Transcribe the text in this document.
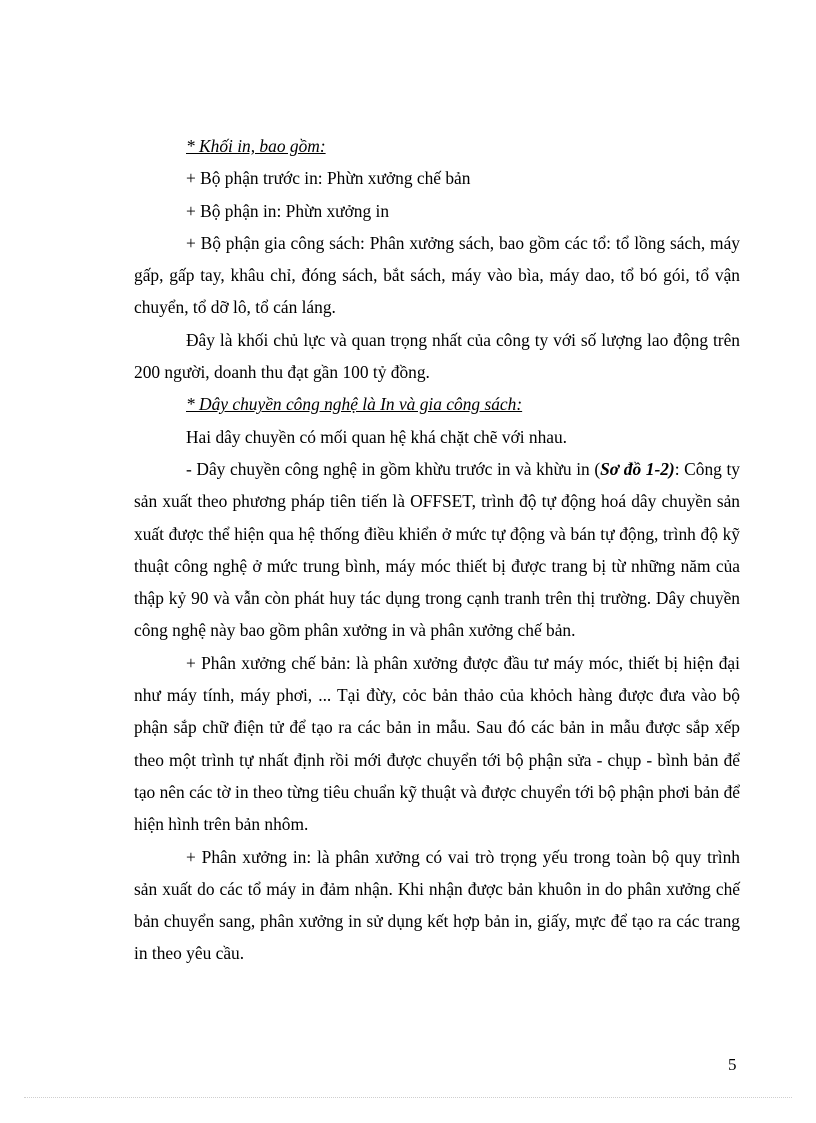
* Khối in, bao gồm:

+ Bộ phận trước in: Phừn xưởng chế bản

+ Bộ phận in: Phừn xưởng in

+ Bộ phận gia công sách: Phân xưởng sách, bao gồm các tổ: tổ lồng sách, máy gấp, gấp tay, khâu chỉ, đóng sách, bắt sách, máy vào bìa, máy dao, tổ bó gói, tổ vận chuyển, tổ dỡ lô, tổ cán láng.

Đây là khối chủ lực và quan trọng nhất của công ty với số lượng lao động trên 200 người, doanh thu đạt gần 100 tỷ đồng.

* Dây chuyền công nghệ là In và gia công sách:

Hai dây chuyền có mối quan hệ khá chặt chẽ với nhau.

- Dây chuyền công nghệ in gồm khừu trước in và khừu in (Sơ đồ 1-2): Công ty sản xuất theo phương pháp tiên tiến là OFFSET, trình độ tự động hoá dây chuyền sản xuất được thể hiện qua hệ thống điều khiển ở mức tự động và bán tự động, trình độ kỹ thuật công nghệ ở mức trung bình, máy móc thiết bị được trang bị từ những năm của thập kỷ 90 và vẫn còn phát huy tác dụng trong cạnh tranh trên thị trường. Dây chuyền công nghệ này bao gồm phân xưởng in và phân xưởng chế bản.

+ Phân xưởng chế bản: là phân xưởng được đầu tư máy móc, thiết bị hiện đại như máy tính, máy phơi, ... Tại đừy, cỏc bản thảo của khỏch hàng được đưa vào bộ phận sắp chữ điện tử để tạo ra các bản in mẫu. Sau đó các bản in mẫu được sắp xếp theo một trình tự nhất định rồi mới được chuyển tới bộ phận sửa - chụp - bình bản để tạo nên các tờ in theo từng tiêu chuẩn kỹ thuật và được chuyển tới bộ phận phơi bản để hiện hình trên bản nhôm.

+ Phân xưởng in: là phân xưởng có vai trò trọng yếu trong toàn bộ quy trình sản xuất do các tổ máy in đảm nhận. Khi nhận được bản khuôn in do phân xưởng chế bản chuyển sang, phân xưởng in sử dụng kết hợp bản in, giấy, mực để tạo ra các trang in theo yêu cầu.

5
